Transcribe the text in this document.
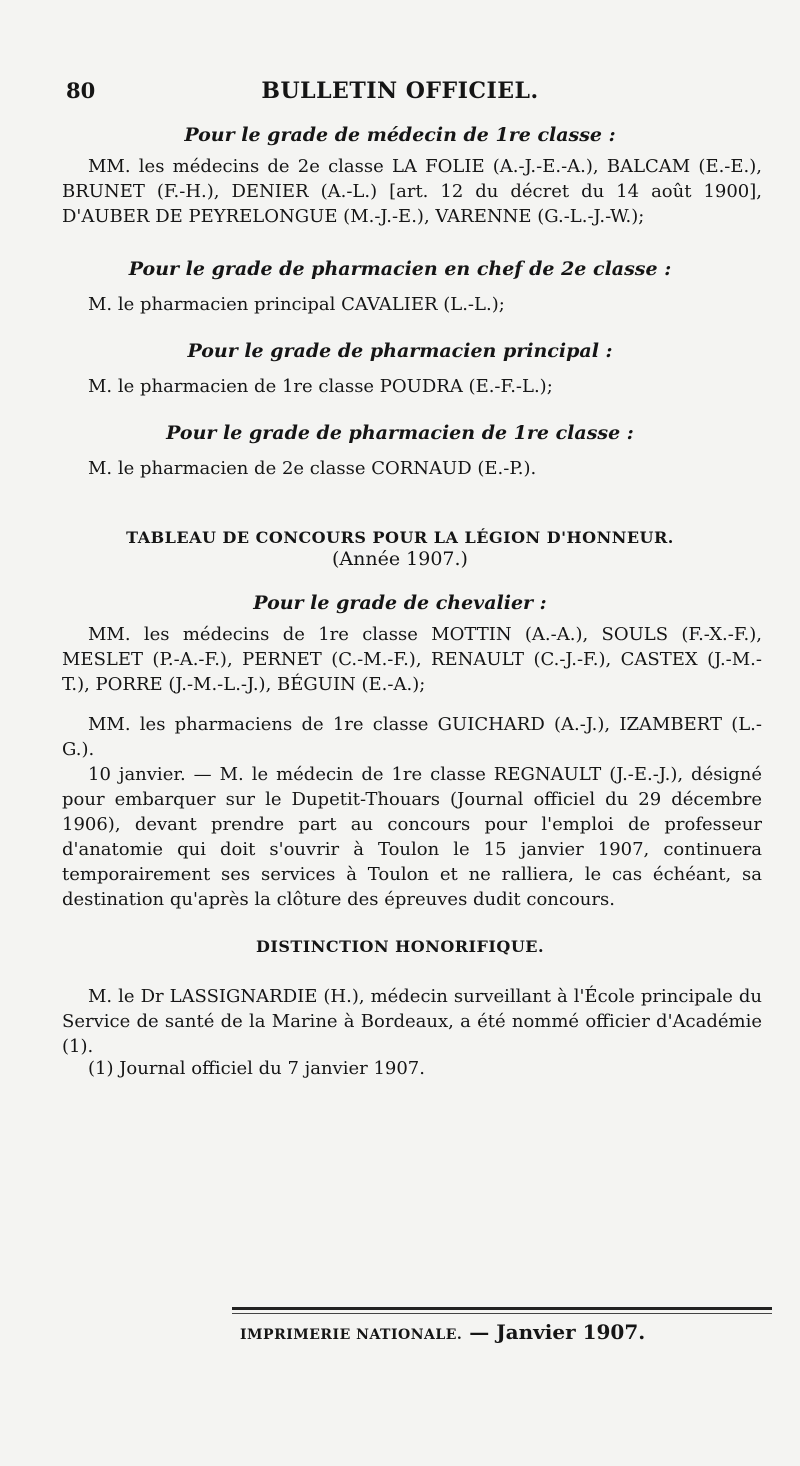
80	BULLETIN OFFICIEL.
Pour le grade de médecin de 1re classe :
MM. les médecins de 2e classe LA FOLIE (A.-J.-E.-A.), BALCAM (E.-E.), BRUNET (F.-H.), DENIER (A.-L.) [art. 12 du décret du 14 août 1900], D'AUBER DE PEYRELONGUE (M.-J.-E.), VARENNE (G.-L.-J.-W.);
Pour le grade de pharmacien en chef de 2e classe :
M. le pharmacien principal CAVALIER (L.-L.);
Pour le grade de pharmacien principal :
M. le pharmacien de 1re classe POUDRA (E.-F.-L.);
Pour le grade de pharmacien de 1re classe :
M. le pharmacien de 2e classe CORNAUD (E.-P.).
TABLEAU DE CONCOURS POUR LA LÉGION D'HONNEUR.
(Année 1907.)
Pour le grade de chevalier :
MM. les médecins de 1re classe MOTTIN (A.-A.), SOULS (F.-X.-F.), MESLET (P.-A.-F.), PERNET (C.-M.-F.), RENAULT (C.-J.-F.), CASTEX (J.-M.-T.), PORRE (J.-M.-L.-J.), BÉGUIN (E.-A.);
MM. les pharmaciens de 1re classe GUICHARD (A.-J.), IZAMBERT (L.-G.).
10 janvier. — M. le médecin de 1re classe REGNAULT (J.-E.-J.), désigné pour embarquer sur le Dupetit-Thouars (Journal officiel du 29 décembre 1906), devant prendre part au concours pour l'emploi de professeur d'anatomie qui doit s'ouvrir à Toulon le 15 janvier 1907, continuera temporairement ses services à Toulon et ne ralliera, le cas échéant, sa destination qu'après la clôture des épreuves dudit concours.
DISTINCTION HONORIFIQUE.
M. le Dr LASSIGNARDIE (H.), médecin surveillant à l'École principale du Service de santé de la Marine à Bordeaux, a été nommé officier d'Académie (1).
(1) Journal officiel du 7 janvier 1907.
IMPRIMERIE NATIONALE. — Janvier 1907.
